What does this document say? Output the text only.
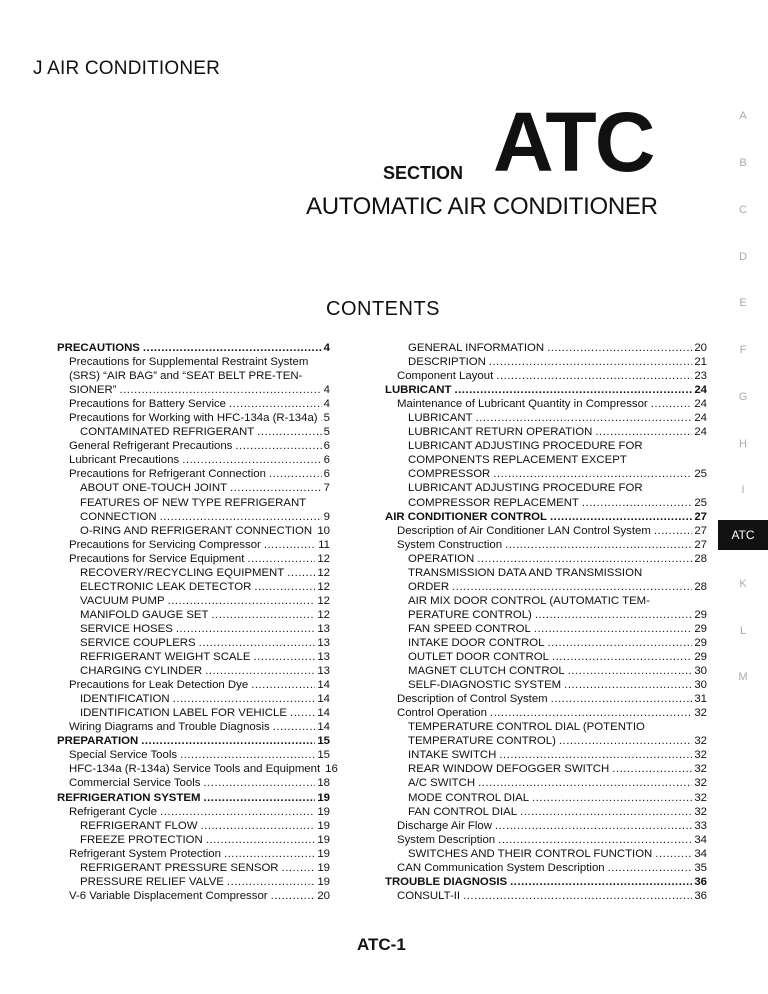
J AIR CONDITIONER
SECTION ATC
AUTOMATIC AIR CONDITIONER
CONTENTS
PRECAUTIONS .....	4
Precautions for Supplemental Restraint System
(SRS) “AIR BAG” and “SEAT BELT PRE-TEN-
SIONER” .....	4
Precautions for Battery Service .....	4
Precautions for Working with HFC-134a (R-134a) ..... 5
CONTAMINATED REFRIGERANT .....	5
General Refrigerant Precautions .....	6
Lubricant Precautions .....	6
Precautions for Refrigerant Connection .....	6
ABOUT ONE-TOUCH JOINT .....	7
FEATURES OF NEW TYPE REFRIGERANT
CONNECTION .....	9
O-RING AND REFRIGERANT CONNECTION ..... 10
Precautions for Servicing Compressor .....	11
Precautions for Service Equipment .....	12
RECOVERY/RECYCLING EQUIPMENT .....	12
ELECTRONIC LEAK DETECTOR .....	12
VACUUM PUMP .....	12
MANIFOLD GAUGE SET .....	12
SERVICE HOSES .....	13
SERVICE COUPLERS .....	13
REFRIGERANT WEIGHT SCALE .....	13
CHARGING CYLINDER .....	13
Precautions for Leak Detection Dye .....	14
IDENTIFICATION .....	14
IDENTIFICATION LABEL FOR VEHICLE .....	14
Wiring Diagrams and Trouble Diagnosis .....	14
PREPARATION .....	15
Special Service Tools .....	15
HFC-134a (R-134a) Service Tools and Equipment 16
Commercial Service Tools .....	18
REFRIGERATION SYSTEM .....	19
Refrigerant Cycle .....	19
REFRIGERANT FLOW .....	19
FREEZE PROTECTION .....	19
Refrigerant System Protection .....	19
REFRIGERANT PRESSURE SENSOR .....	19
PRESSURE RELIEF VALVE .....	19
V-6 Variable Displacement Compressor .....	20
GENERAL INFORMATION .....	20
DESCRIPTION .....	21
Component Layout .....	23
LUBRICANT .....	24
Maintenance of Lubricant Quantity in Compressor .....	24
LUBRICANT .....	24
LUBRICANT RETURN OPERATION .....	24
LUBRICANT ADJUSTING PROCEDURE FOR
COMPONENTS REPLACEMENT EXCEPT
COMPRESSOR .....	25
LUBRICANT ADJUSTING PROCEDURE FOR
COMPRESSOR REPLACEMENT .....	25
AIR CONDITIONER CONTROL .....	27
Description of Air Conditioner LAN Control System .....	27
System Construction .....	27
OPERATION .....	28
TRANSMISSION DATA AND TRANSMISSION
ORDER .....	28
AIR MIX DOOR CONTROL (AUTOMATIC TEM-
PERATURE CONTROL) .....	29
FAN SPEED CONTROL .....	29
INTAKE DOOR CONTROL .....	29
OUTLET DOOR CONTROL .....	29
MAGNET CLUTCH CONTROL .....	30
SELF-DIAGNOSTIC SYSTEM .....	30
Description of Control System .....	31
Control Operation .....	32
TEMPERATURE CONTROL DIAL (POTENTIO
TEMPERATURE CONTROL) .....	32
INTAKE SWITCH .....	32
REAR WINDOW DEFOGGER SWITCH .....	32
A/C SWITCH .....	32
MODE CONTROL DIAL .....	32
FAN CONTROL DIAL .....	32
Discharge Air Flow .....	33
System Description .....	34
SWITCHES AND THEIR CONTROL FUNCTION .....	34
CAN Communication System Description .....	35
TROUBLE DIAGNOSIS .....	36
CONSULT-II .....	36
A
B
C
D
E
F
G
H
I
ATC
K
L
M
ATC-1
